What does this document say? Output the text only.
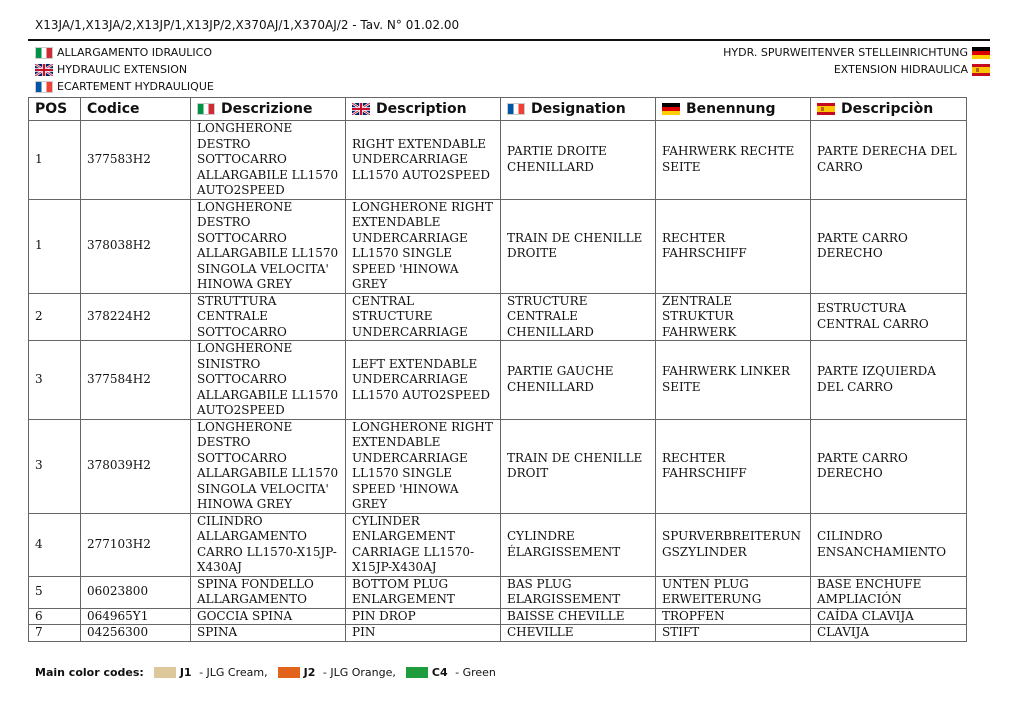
X13JA/1,X13JA/2,X13JP/1,X13JP/2,X370AJ/1,X370AJ/2 - Tav. N° 01.02.00
ALLARGAMENTO IDRAULICO
HYDRAULIC EXTENSION
ECARTEMENT HYDRAULIQUE
HYDR. SPURWEITENVER STELLEINRICHTUNG
EXTENSION HIDRAULICA
POS	Codice	Descrizione	Description	Designation	Benennung	Descripciòn

1	377583H2	LONGHERONE DESTRO SOTTOCARRO ALLARGABILE LL1570 AUTO2SPEED	RIGHT EXTENDABLE UNDERCARRIAGE LL1570 AUTO2SPEED	PARTIE DROITE CHENILLARD	FAHRWERK RECHTE SEITE	PARTE DERECHA DEL CARRO
1	378038H2	LONGHERONE DESTRO SOTTOCARRO ALLARGABILE LL1570 SINGOLA VELOCITA' HINOWA GREY	LONGHERONE RIGHT EXTENDABLE UNDERCARRIAGE LL1570 SINGLE SPEED 'HINOWA GREY	TRAIN DE CHENILLE DROITE	RECHTER FAHRSCHIFF	PARTE CARRO DERECHO
2	378224H2	STRUTTURA CENTRALE SOTTOCARRO	CENTRAL STRUCTURE UNDERCARRIAGE	STRUCTURE CENTRALE CHENILLARD	ZENTRALE STRUKTUR FAHRWERK	ESTRUCTURA CENTRAL CARRO
3	377584H2	LONGHERONE SINISTRO SOTTOCARRO ALLARGABILE LL1570 AUTO2SPEED	LEFT EXTENDABLE UNDERCARRIAGE LL1570 AUTO2SPEED	PARTIE GAUCHE CHENILLARD	FAHRWERK LINKER SEITE	PARTE IZQUIERDA DEL CARRO
3	378039H2	LONGHERONE DESTRO SOTTOCARRO ALLARGABILE LL1570 SINGOLA VELOCITA' HINOWA GREY	LONGHERONE RIGHT EXTENDABLE UNDERCARRIAGE LL1570 SINGLE SPEED 'HINOWA GREY	TRAIN DE CHENILLE DROIT	RECHTER FAHRSCHIFF	PARTE CARRO DERECHO
4	277103H2	CILINDRO ALLARGAMENTO CARRO LL1570-X15JP-X430AJ	CYLINDER ENLARGEMENT CARRIAGE LL1570-X15JP-X430AJ	CYLINDRE ÉLARGISSEMENT	SPURVERBREITERUN GSZYLINDER	CILINDRO ENSANCHAMIENTO
5	06023800	SPINA FONDELLO ALLARGAMENTO	BOTTOM PLUG ENLARGEMENT	BAS PLUG ELARGISSEMENT	UNTEN PLUG ERWEITERUNG	BASE ENCHUFE AMPLIACIÓN
6	064965Y1	GOCCIA SPINA	PIN DROP	BAISSE CHEVILLE	TROPFEN	CAÍDA CLAVIJA
7	04256300	SPINA	PIN	CHEVILLE	STIFT	CLAVIJA
Main color codes:	J1 - JLG Cream,	J2 - JLG Orange,	C4 - Green
